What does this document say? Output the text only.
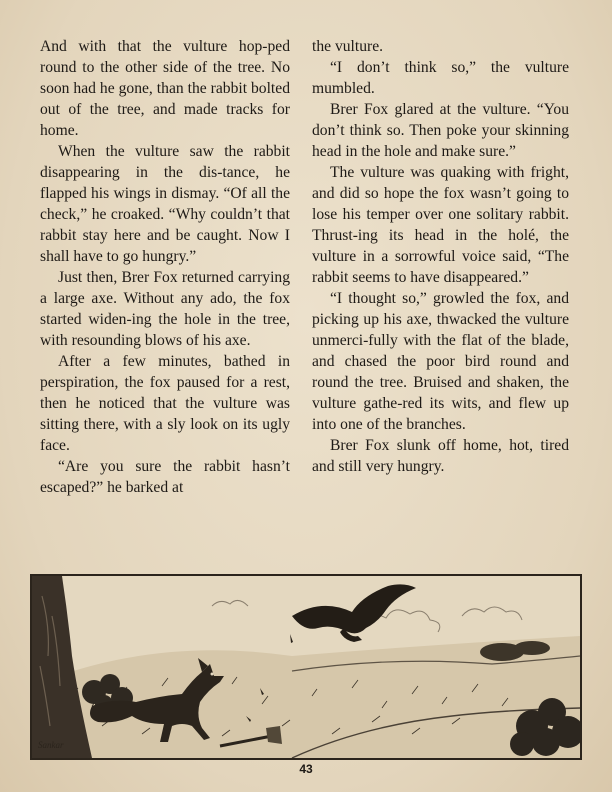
And with that the vulture hop-ped round to the other side of the tree. No soon had he gone, than the rabbit bolted out of the tree, and made tracks for home.

When the vulture saw the rabbit disappearing in the dis-tance, he flapped his wings in dismay. “Of all the check,” he croaked. “Why couldn’t that rabbit stay here and be caught. Now I shall have to go hungry.”

Just then, Brer Fox returned carrying a large axe. Without any ado, the fox started widen-ing the hole in the tree, with resounding blows of his axe.

After a few minutes, bathed in perspiration, the fox paused for a rest, then he noticed that the vulture was sitting there, with a sly look on its ugly face.

“Are you sure the rabbit hasn’t escaped?” he barked at

the vulture.

“I don’t think so,” the vulture mumbled.

Brer Fox glared at the vulture. “You don’t think so. Then poke your skinning head in the hole and make sure.”

The vulture was quaking with fright, and did so hope the fox wasn’t going to lose his temper over one solitary rabbit. Thrust-ing its head in the holé, the vulture in a sorrowful voice said, “The rabbit seems to have disappeared.”

“I thought so,” growled the fox, and picking up his axe, thwacked the vulture unmerci-fully with the flat of the blade, and chased the poor bird round and round the tree. Bruised and shaken, the vulture gathe-red its wits, and flew up into one of the branches.

Brer Fox slunk off home, hot, tired and still very hungry.

Sankar
43
